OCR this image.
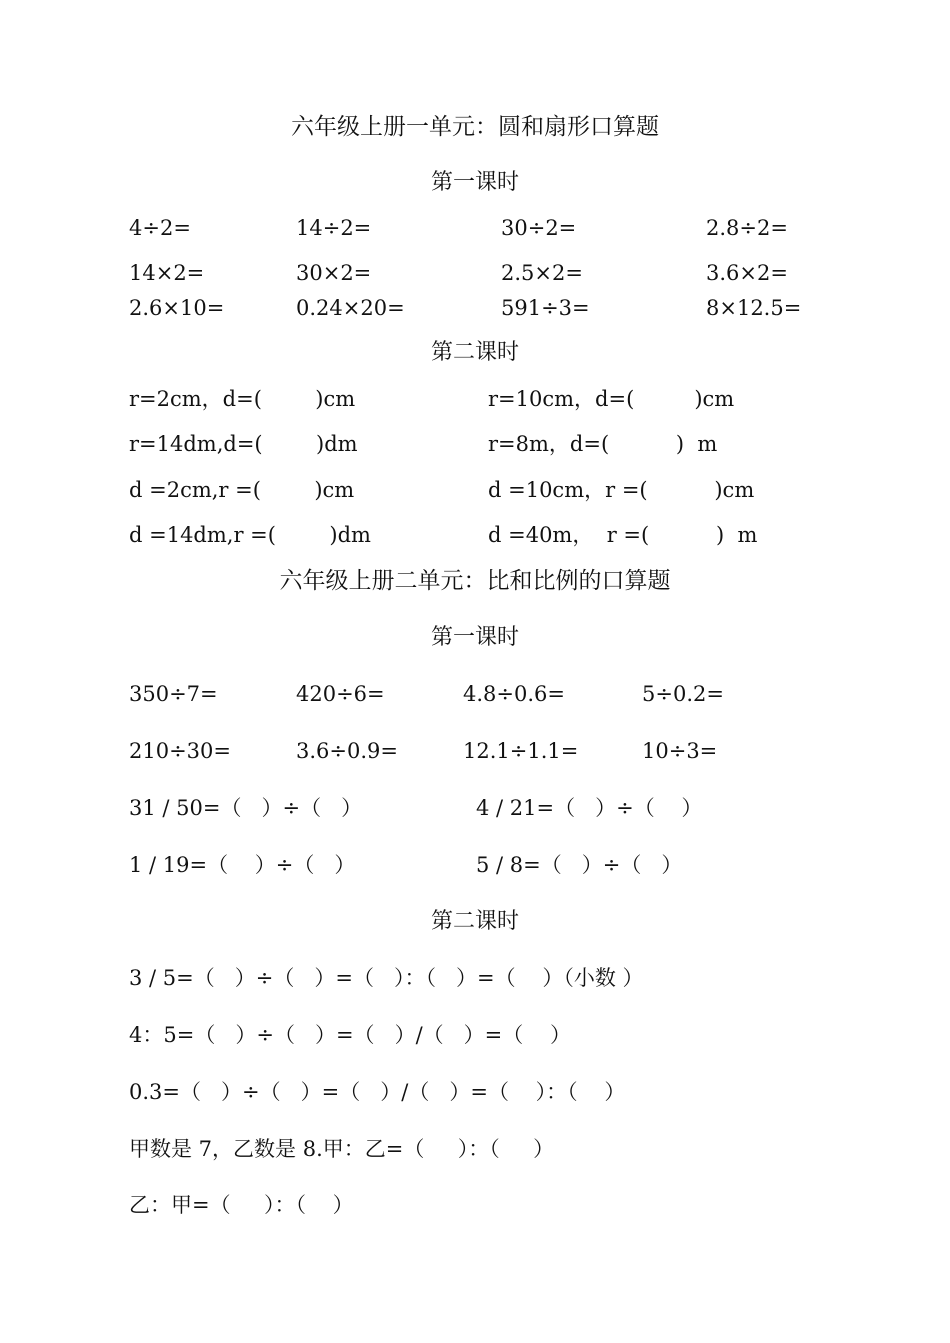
六年级上册一单元：圆和扇形口算题
第一课时
4÷2=	14÷2=	30÷2=	2.8÷2=
14×2=	30×2=	2.5×2=	3.6×2=
2.6×10=	0.24×20=	591÷3=	8×12.5=
第二课时
r=2cm，d=(        )cm	r=10cm，d=(         )cm
r=14dm,d=(        )dm	r=8m，d=(          )  m
d =2cm,r =(        )cm	d =10cm，r =(          )cm
d =14dm,r =(        )dm	d =40m，  r =(          )  m
六年级上册二单元：比和比例的口算题
第一课时
350÷7=	420÷6=	4.8÷0.6=	5÷0.2=
210÷30=	3.6÷0.9=	12.1÷1.1=	10÷3=
31 / 50=（   ）÷（   ）	4 / 21=（   ）÷（    ）
1 / 19=（    ）÷（   ）	5 / 8=（   ）÷（   ）
第二课时
3 / 5=（   ）÷（   ）=（   ）：（   ）=（    ）（小数 ）
4：5=（   ）÷（   ）=（   ）/（   ）=（    ）
0.3=（   ）÷（   ）=（   ）/（   ）=（    ）：（    ）
甲数是 7，乙数是 8.甲：乙=（     ）：（     ）
乙：甲=（     ）：（    ）
